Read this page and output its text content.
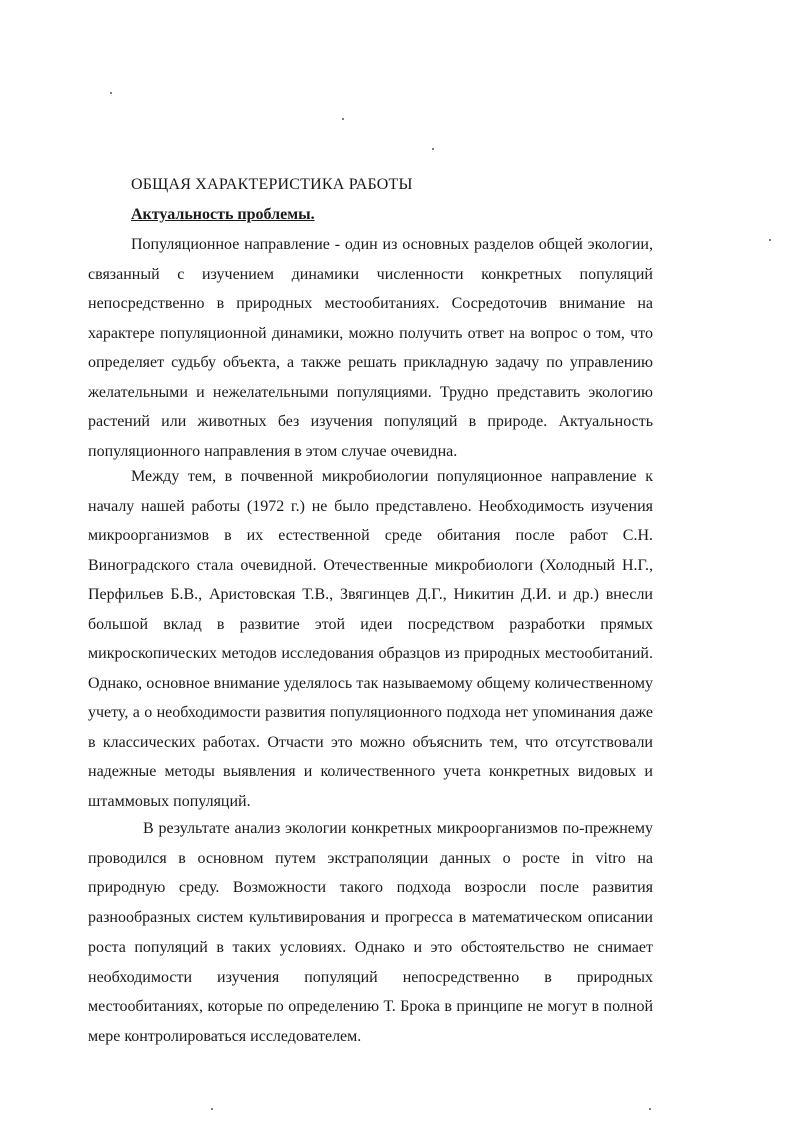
ОБЩАЯ ХАРАКТЕРИСТИКА РАБОТЫ
Актуальность проблемы.

Популяционное направление - один из основных разделов общей экологии, связанный с изучением динамики численности конкретных популяций непосредственно в природных местообитаниях. Сосредоточив внимание на характере популяционной динамики, можно получить ответ на вопрос о том, что определяет судьбу объекта, а также решать прикладную задачу по управлению желательными и нежелательными популяциями. Трудно представить экологию растений или животных без изучения популяций в природе. Актуальность популяционного направления в этом случае очевидна.

Между тем, в почвенной микробиологии популяционное направление к началу нашей работы (1972 г.) не было представлено. Необходимость изучения микроорганизмов в их естественной среде обитания после работ С.Н. Виноградского стала очевидной. Отечественные микробиологи (Холодный Н.Г., Перфильев Б.В., Аристовская Т.В., Звягинцев Д.Г., Никитин Д.И. и др.) внесли большой вклад в развитие этой идеи посредством разработки прямых микроскопических методов исследования образцов из природных местообитаний. Однако, основное внимание уделялось так называемому общему количественному учету, а о необходимости развития популяционного подхода нет упоминания даже в классических работах. Отчасти это можно объяснить тем, что отсутствовали надежные методы выявления и количественного учета конкретных видовых и штаммовых популяций.

В результате анализ экологии конкретных микроорганизмов по-прежнему проводился в основном путем экстраполяции данных о росте in vitro на природную среду. Возможности такого подхода возросли после развития разнообразных систем культивирования и прогресса в математическом описании роста популяций в таких условиях. Однако и это обстоятельство не снимает необходимости изучения популяций непосредственно в природных местообитаниях, которые по определению Т. Брока в принципе не могут в полной мере контролироваться исследователем.
